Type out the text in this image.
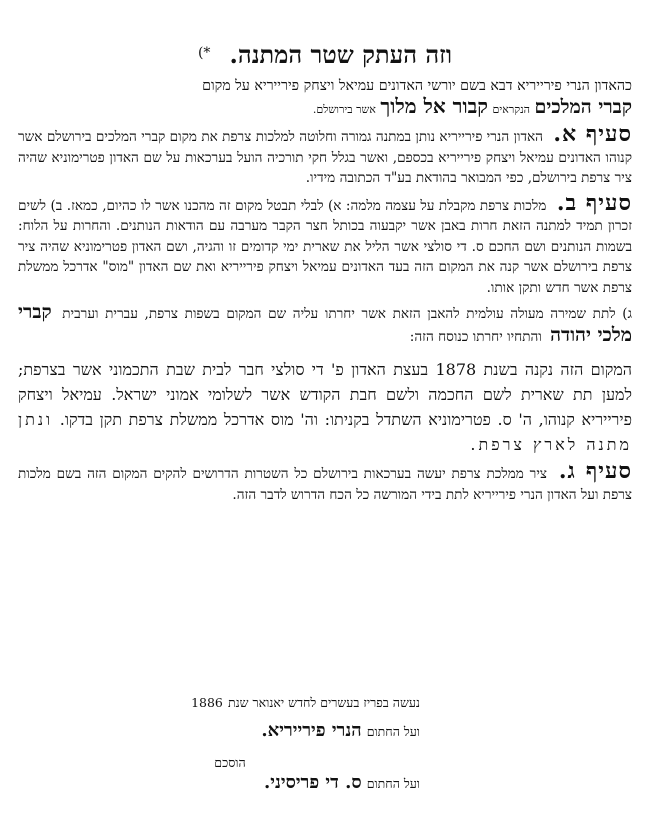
וזה העתק שטר המתנה. *)

כהאדון הנרי פירייריא דבא בשם יורשי האדונים עמיאל ויצחק פירייריא על מקום
קברי המלכים הנקראים קבור אל מלוך אשר בירושלם.

סעיף א. האדון הנרי פירייריא נותן במתנה גמורה וחלוטה למלכות צרפת את מקום קברי המלכים בירושלם אשר קנוהו האדונים עמיאל ויצחק פירייריא בכספם, ואשר בגלל חקי תורכיה הועל בערכאות על שם האדון פטרימוניא שהיה ציר צרפת בירושלם, כפי המבואר בהודאת בע"ד הכתובה מידיו.

סעיף ב. מלכות צרפת מקבלת על עצמה מלמה: א) לבלי תבטל מקום זה מהכנו אשר לו כהיום, כמאז. ב) לשים זכרון תמיד למתנה הזאת חרות באבן אשר יקבעוה בכותל חצר הקבר מערבה עם הודאות הנותנים. והחרות על הלוח: בשמות הנותנים ושם החכם ס. די סולצי אשר הליל את שארית ימי קדומים זו והגיה, ושם האדון פטרימוניא שהיה ציר צרפת בירושלם אשר קנה את המקום הזה בעד האדונים עמיאל ויצחק פירייריא ואת שם האדון "מוס" אדרכל ממשלת צרפת אשר חדש ותקן אותו.

ג) לתת שמירה מעולה עולמית להאבן הזאת אשר יחרתו עליה שם המקום בשפות צרפת, עברית וערבית קברי מלכי יהודה והתחיו יחרתו כנוסח הזה:

המקום הזה נקנה בשנת 1878 בעצת האדון פ' די סולצי חבר לבית שבת התכמוני אשר בצרפת; למען תת שארית לשם החכמה ולשם חבת הקודש אשר לשלומי אמוני ישראל. עמיאל ויצחק פירייריא קנוהו, ה' ס. פטרימוניא השתדל בקניתו: וה' מוס אדרכל ממשלת צרפת תקן בדקו. ונתן מתנה לארץ צרפת.

סעיף ג. ציר ממלכת צרפת יעשה בערכאות בירושלם כל השטרות הדרושים להקים המקום הזה בשם מלכות צרפת ועל האדון הנרי פירייריא לתת בידי המורשה כל הכח הדרוש לדבר הזה.

נעשה בפריז בעשרים לחדש יאנואר שנת 1886
ועל החתום הנרי פירייריא.
הוסכם
ועל החתום ס. די פריסיני.
